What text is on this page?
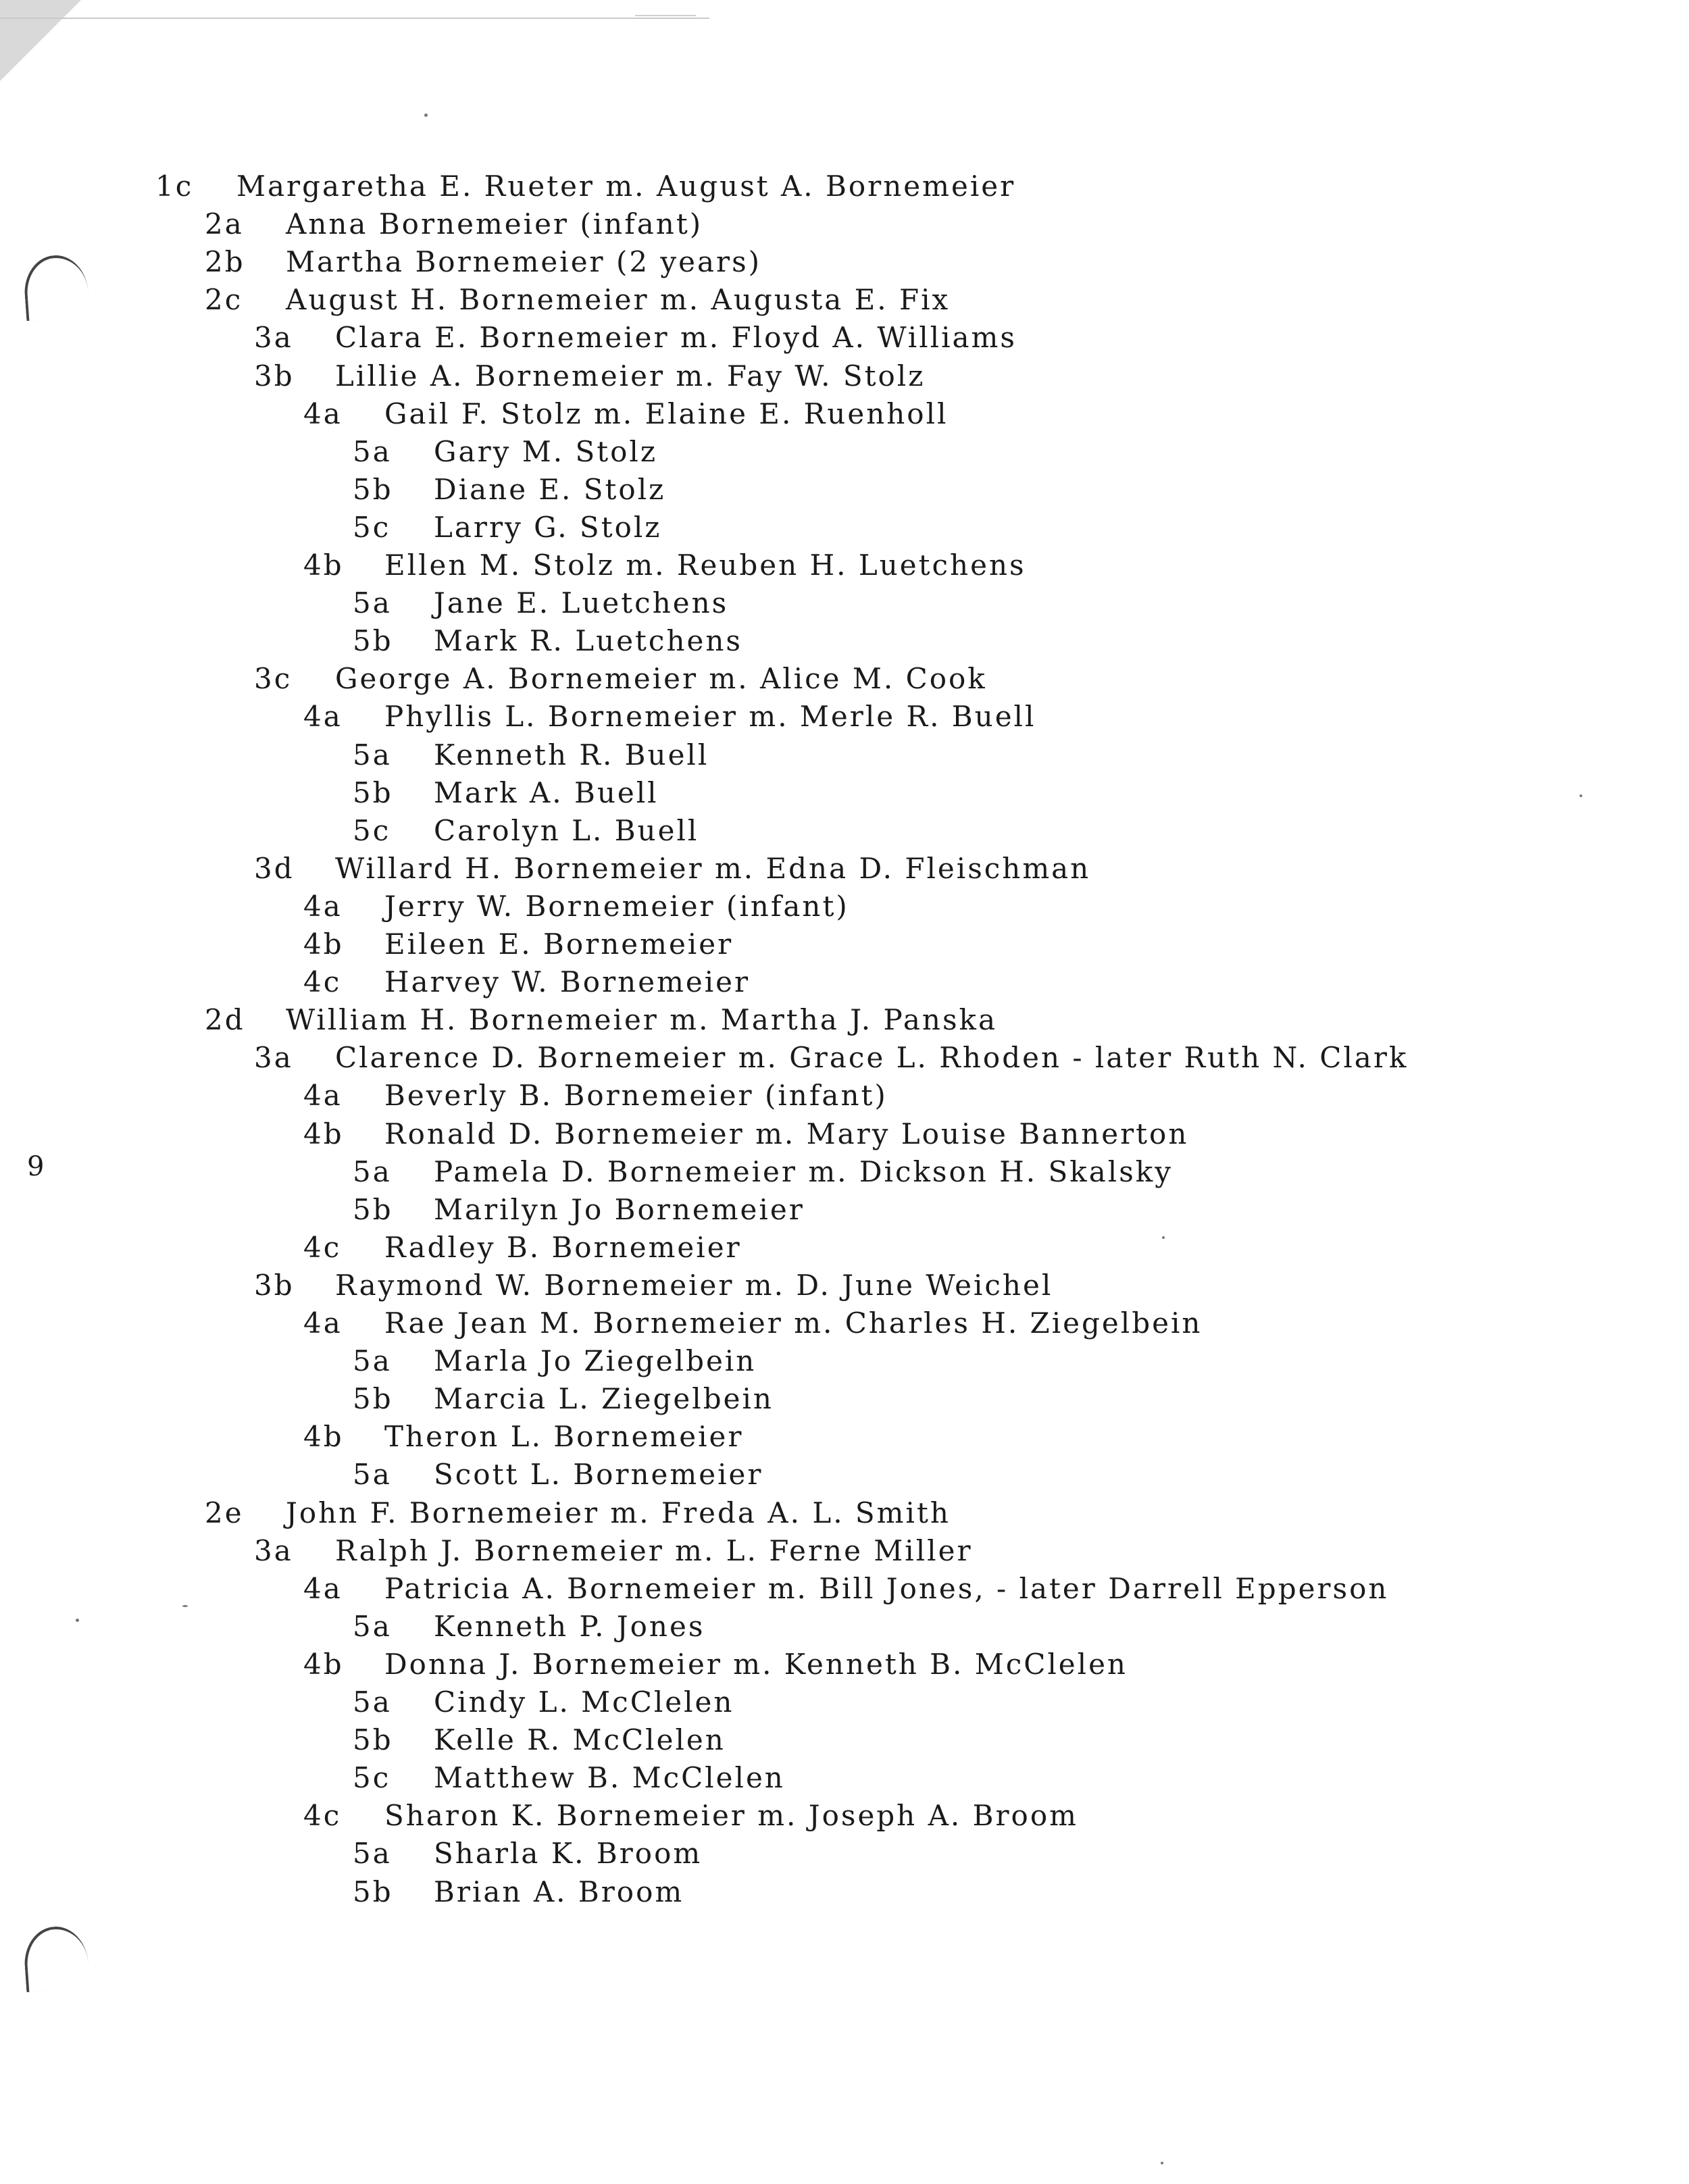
9
1c	Margaretha E. Rueter m. August A. Bornemeier
2a	Anna Bornemeier (infant)
2b	Martha Bornemeier (2 years)
2c	August H. Bornemeier m. Augusta E. Fix
3a	Clara E. Bornemeier m. Floyd A. Williams
3b	Lillie A. Bornemeier m. Fay W. Stolz
4a	Gail F. Stolz m. Elaine E. Ruenholl
5a	Gary M. Stolz
5b	Diane E. Stolz
5c	Larry G. Stolz
4b	Ellen M. Stolz m. Reuben H. Luetchens
5a	Jane E. Luetchens
5b	Mark R. Luetchens
3c	George A. Bornemeier m. Alice M. Cook
4a	Phyllis L. Bornemeier m. Merle R. Buell
5a	Kenneth R. Buell
5b	Mark A. Buell
5c	Carolyn L. Buell
3d	Willard H. Bornemeier m. Edna D. Fleischman
4a	Jerry W. Bornemeier (infant)
4b	Eileen E. Bornemeier
4c	Harvey W. Bornemeier
2d	William H. Bornemeier m. Martha J. Panska
3a	Clarence D. Bornemeier m. Grace L. Rhoden - later Ruth N. Clark
4a	Beverly B. Bornemeier (infant)
4b	Ronald D. Bornemeier m. Mary Louise Bannerton
5a	Pamela D. Bornemeier m. Dickson H. Skalsky
5b	Marilyn Jo Bornemeier
4c	Radley B. Bornemeier
3b	Raymond W. Bornemeier m. D. June Weichel
4a	Rae Jean M. Bornemeier m. Charles H. Ziegelbein
5a	Marla Jo Ziegelbein
5b	Marcia L. Ziegelbein
4b	Theron L. Bornemeier
5a	Scott L. Bornemeier
2e	John F. Bornemeier m. Freda A. L. Smith
3a	Ralph J. Bornemeier m. L. Ferne Miller
4a	Patricia A. Bornemeier m. Bill Jones, - later Darrell Epperson
5a	Kenneth P. Jones
4b	Donna J. Bornemeier m. Kenneth B. McClelen
5a	Cindy L. McClelen
5b	Kelle R. McClelen
5c	Matthew B. McClelen
4c	Sharon K. Bornemeier m. Joseph A. Broom
5a	Sharla K. Broom
5b	Brian A. Broom
